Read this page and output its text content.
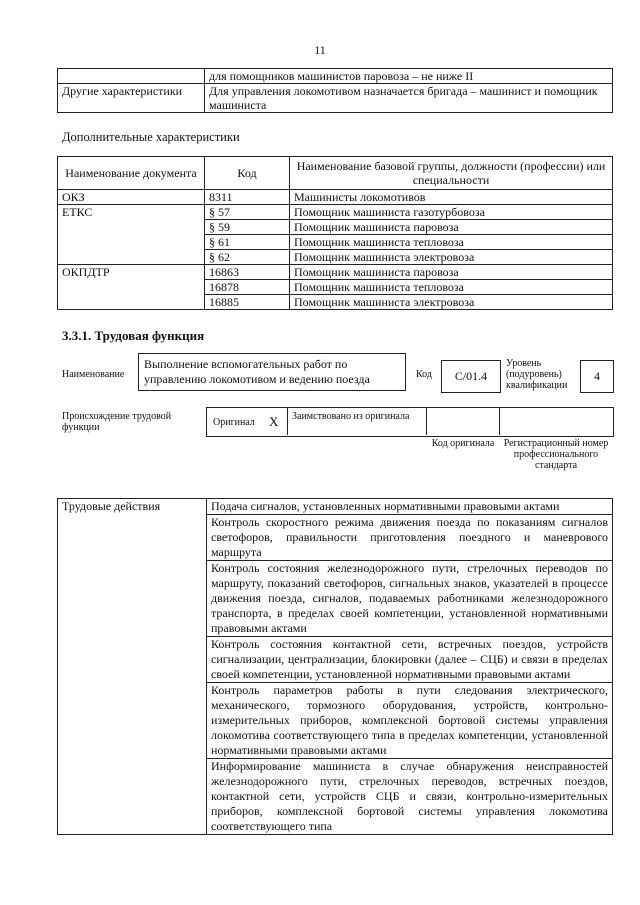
11
	для помощников машинистов паровоза – не ниже II
Другие характеристики	Для управления локомотивом назначается бригада – машинист и помощник машиниста
Дополнительные характеристики
Наименование документа	Код	Наименование базовой группы, должности (профессии) или специальности
ОКЗ	8311	Машинисты локомотивов
ЕТКС	§ 57	Помощник машиниста газотурбовоза
	§ 59	Помощник машиниста паровоза
	§ 61	Помощник машиниста тепловоза
	§ 62	Помощник машиниста электровоза
ОКПДТР	16863	Помощник машиниста паровоза
	16878	Помощник машиниста тепловоза
	16885	Помощник машиниста электровоза
3.3.1. Трудовая функция
Наименование
Выполнение вспомогательных работ по управлению локомотивом и ведению поезда	Код С/01.4
Уровень (подуровень) квалификации
4
Происхождение трудовой функции	Оригинал X Заимствовано из оригинала
Код оригинала Регистрационный номер профессионального стандарта
Трудовые действия	Подача сигналов, установленных нормативными правовыми актами
Контроль скоростного режима движения поезда по показаниям сигналов светофоров, правильности приготовления поездного и маневрового маршрута
Контроль состояния железнодорожного пути, стрелочных переводов по маршруту, показаний светофоров, сигнальных знаков, указателей в процессе движения поезда, сигналов, подаваемых работниками железнодорожного транспорта, в пределах своей компетенции, установленной нормативными правовыми актами
Контроль состояния контактной сети, встречных поездов, устройств сигнализации, централизации, блокировки (далее – СЦБ) и связи в пределах своей компетенции, установленной нормативными правовыми актами
Контроль параметров работы в пути следования электрического, механического, тормозного оборудования, устройств, контрольно-измерительных приборов, комплексной бортовой системы управления локомотива соответствующего типа в пределах компетенции, установленной нормативными правовыми актами
Информирование машиниста в случае обнаружения неисправностей железнодорожного пути, стрелочных переводов, встречных поездов, контактной сети, устройств СЦБ и связи, контрольно-измерительных приборов, комплексной бортовой системы управления локомотива соответствующего типа
